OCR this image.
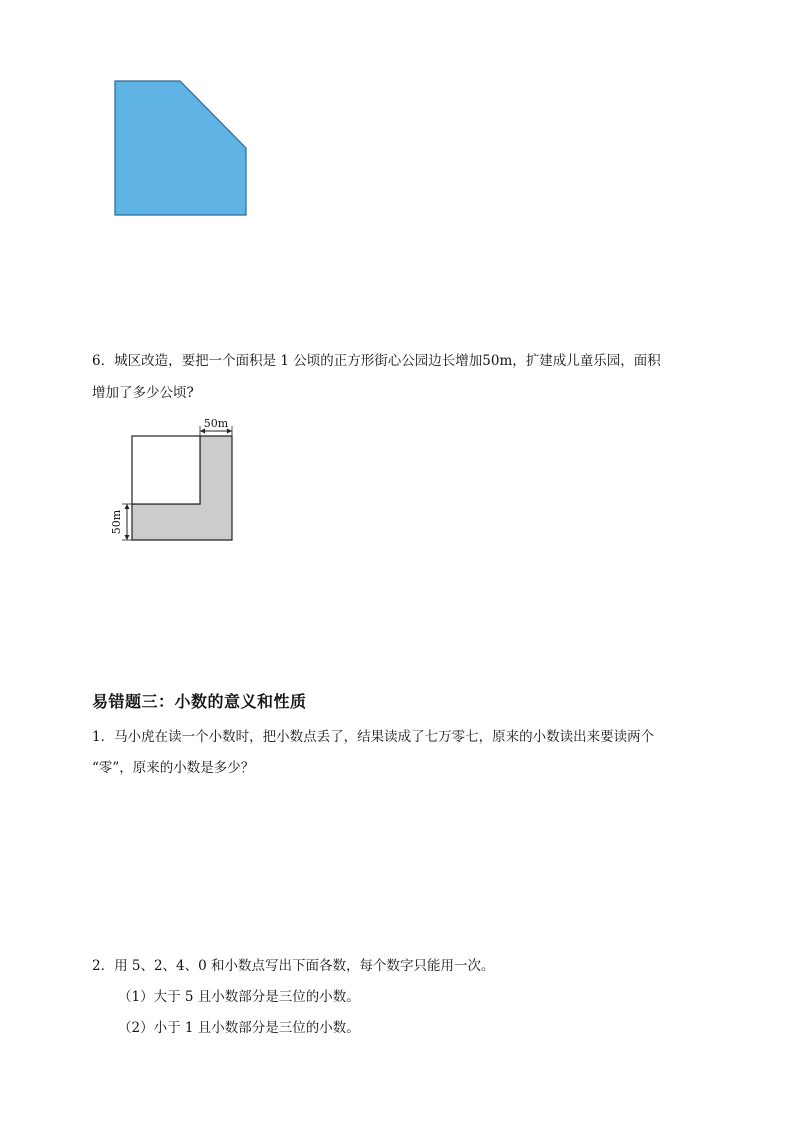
6．城区改造，要把一个面积是 1 公顷的正方形街心公园边长增加50m，扩建成儿童乐园，面积
增加了多少公顷?
50m
50m
易错题三：小数的意义和性质
1．马小虎在读一个小数时，把小数点丢了，结果读成了七万零七，原来的小数读出来要读两个
“零”，原来的小数是多少？
2．用 5、2、4、0 和小数点写出下面各数，每个数字只能用一次。
（1）大于 5 且小数部分是三位的小数。
（2）小于 1 且小数部分是三位的小数。
